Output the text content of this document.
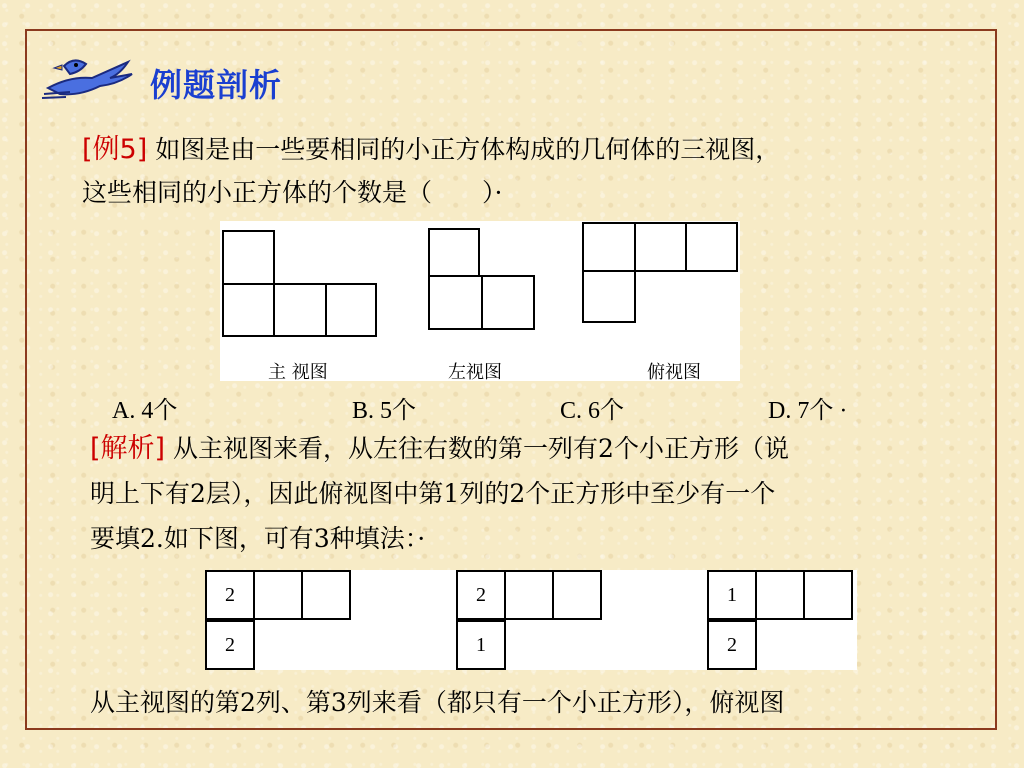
例题剖析
[例5] 如图是由一些要相同的小正方体构成的几何体的三视图，
这些相同的小正方体的个数是（　　）·
主 视图	左视图	俯视图
A. 4个	B. 5个	C. 6个	D. 7个 ·
[解析] 从主视图来看，从左往右数的第一列有2个小正方形（说
明上下有2层），因此俯视图中第1列的2个正方形中至少有一个
要填2.如下图，可有3种填法：·
2
2
2
1
1
2
从主视图的第2列、第3列来看（都只有一个小正方形），俯视图
